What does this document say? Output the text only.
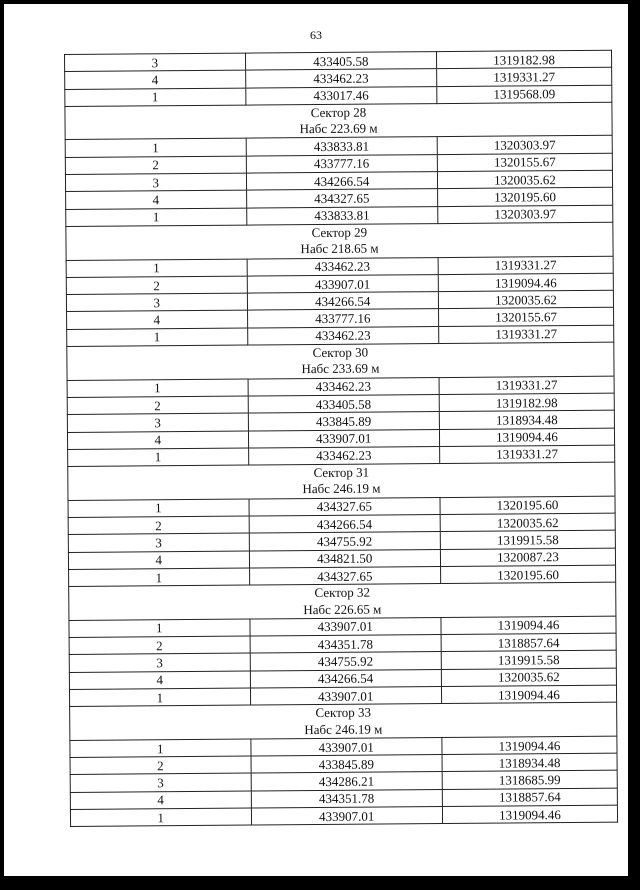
63
3	433405.58	1319182.98
4	433462.23	1319331.27
1	433017.46	1319568.09

Сектор 28
Набс 223.69 м		

1	433833.81	1320303.97
2	433777.16	1320155.67
3	434266.54	1320035.62
4	434327.65	1320195.60
1	433833.81	1320303.97

Сектор 29
Набс 218.65 м		

1	433462.23	1319331.27
2	433907.01	1319094.46
3	434266.54	1320035.62
4	433777.16	1320155.67
1	433462.23	1319331.27

Сектор 30
Набс 233.69 м		

1	433462.23	1319331.27
2	433405.58	1319182.98
3	433845.89	1318934.48
4	433907.01	1319094.46
1	433462.23	1319331.27

Сектор 31
Набс 246.19 м		

1	434327.65	1320195.60
2	434266.54	1320035.62
3	434755.92	1319915.58
4	434821.50	1320087.23
1	434327.65	1320195.60

Сектор 32
Набс 226.65 м		

1	433907.01	1319094.46
2	434351.78	1318857.64
3	434755.92	1319915.58
4	434266.54	1320035.62
1	433907.01	1319094.46

Сектор 33
Набс 246.19 м		

1	433907.01	1319094.46
2	433845.89	1318934.48
3	434286.21	1318685.99
4	434351.78	1318857.64
1	433907.01	1319094.46
